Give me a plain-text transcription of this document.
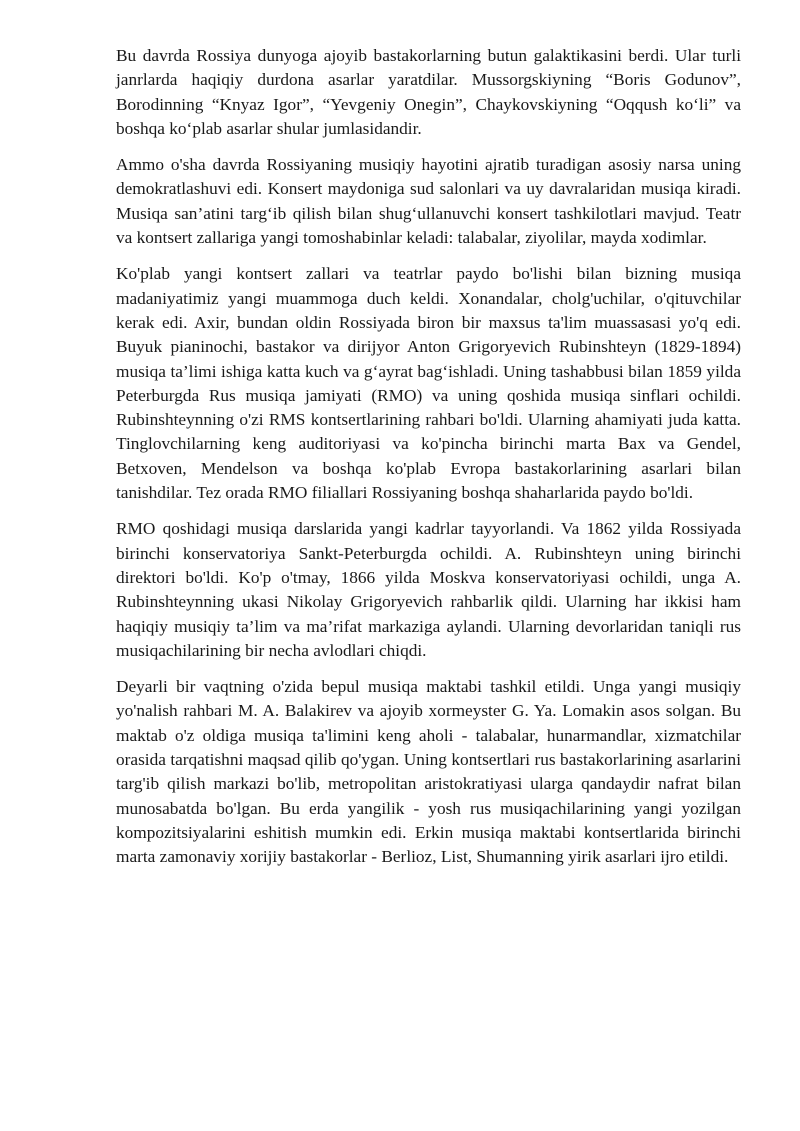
Bu davrda Rossiya dunyoga ajoyib bastakorlarning butun galaktikasini berdi. Ular turli janrlarda haqiqiy durdona asarlar yaratdilar. Mussorgskiyning “Boris Godunov”, Borodinning “Knyaz Igor”, “Yevgeniy Onegin”, Chaykovskiyning “Oqqush ko‘li” va boshqa ko‘plab asarlar shular jumlasidandir.

Ammo o'sha davrda Rossiyaning musiqiy hayotini ajratib turadigan asosiy narsa uning demokratlashuvi edi. Konsert maydoniga sud salonlari va uy davralaridan musiqa kiradi. Musiqa san’atini targ‘ib qilish bilan shug‘ullanuvchi konsert tashkilotlari mavjud. Teatr va kontsert zallariga yangi tomoshabinlar keladi: talabalar, ziyolilar, mayda xodimlar.

Ko'plab yangi kontsert zallari va teatrlar paydo bo'lishi bilan bizning musiqa madaniyatimiz yangi muammoga duch keldi. Xonandalar, cholg'uchilar, o'qituvchilar kerak edi. Axir, bundan oldin Rossiyada biron bir maxsus ta'lim muassasasi yo'q edi. Buyuk pianinochi, bastakor va dirijyor Anton Grigoryevich Rubinshteyn (1829-1894) musiqa ta’limi ishiga katta kuch va g‘ayrat bag‘ishladi. Uning tashabbusi bilan 1859 yilda Peterburgda Rus musiqa jamiyati (RMO) va uning qoshida musiqa sinflari ochildi. Rubinshteynning o'zi RMS kontsertlarining rahbari bo'ldi. Ularning ahamiyati juda katta. Tinglovchilarning keng auditoriyasi va ko'pincha birinchi marta Bax va Gendel, Betxoven, Mendelson va boshqa ko'plab Evropa bastakorlarining asarlari bilan tanishdilar. Tez orada RMO filiallari Rossiyaning boshqa shaharlarida paydo bo'ldi.

RMO qoshidagi musiqa darslarida yangi kadrlar tayyorlandi. Va 1862 yilda Rossiyada birinchi konservatoriya Sankt-Peterburgda ochildi. A. Rubinshteyn uning birinchi direktori bo'ldi. Ko'p o'tmay, 1866 yilda Moskva konservatoriyasi ochildi, unga A. Rubinshteynning ukasi Nikolay Grigoryevich rahbarlik qildi. Ularning har ikkisi ham haqiqiy musiqiy ta’lim va ma’rifat markaziga aylandi. Ularning devorlaridan taniqli rus musiqachilarining bir necha avlodlari chiqdi.

Deyarli bir vaqtning o'zida bepul musiqa maktabi tashkil etildi. Unga yangi musiqiy yo'nalish rahbari M. A. Balakirev va ajoyib xormeyster G. Ya. Lomakin asos solgan. Bu maktab o'z oldiga musiqa ta'limini keng aholi - talabalar, hunarmandlar, xizmatchilar orasida tarqatishni maqsad qilib qo'ygan. Uning kontsertlari rus bastakorlarining asarlarini targ'ib qilish markazi bo'lib, metropolitan aristokratiyasi ularga qandaydir nafrat bilan munosabatda bo'lgan. Bu erda yangilik - yosh rus musiqachilarining yangi yozilgan kompozitsiyalarini eshitish mumkin edi. Erkin musiqa maktabi kontsertlarida birinchi marta zamonaviy xorijiy bastakorlar - Berlioz, List, Shumanning yirik asarlari ijro etildi.
